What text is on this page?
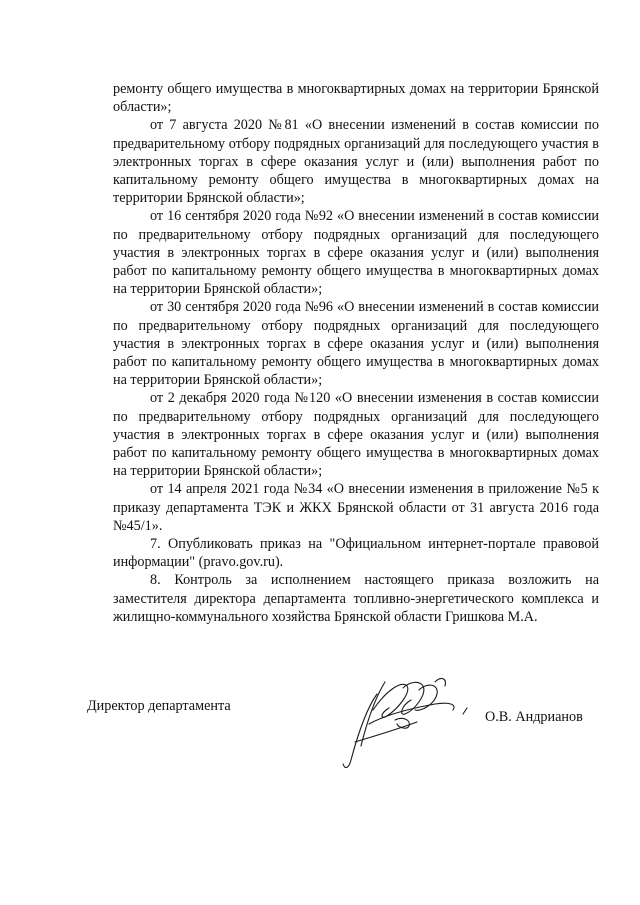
ремонту общего имущества в многоквартирных домах на территории Брянской области»;

от 7 августа 2020 №81 «О внесении изменений в состав комиссии по предварительному отбору подрядных организаций для последующего участия в электронных торгах в сфере оказания услуг и (или) выполнения работ по капитальному ремонту общего имущества в многоквартирных домах на территории Брянской области»;

от 16 сентября 2020 года №92 «О внесении изменений в состав комиссии по предварительному отбору подрядных организаций для последующего участия в электронных торгах в сфере оказания услуг и (или) выполнения работ по капитальному ремонту общего имущества в многоквартирных домах на территории Брянской области»;

от 30 сентября 2020 года №96 «О внесении изменений в состав комиссии по предварительному отбору подрядных организаций для последующего участия в электронных торгах в сфере оказания услуг и (или) выполнения работ по капитальному ремонту общего имущества в многоквартирных домах на территории Брянской области»;

от 2 декабря 2020 года №120 «О внесении изменения в состав комиссии по предварительному отбору подрядных организаций для последующего участия в электронных торгах в сфере оказания услуг и (или) выполнения работ по капитальному ремонту общего имущества в многоквартирных домах на территории Брянской области»;

от 14 апреля 2021 года №34 «О внесении изменения в приложение №5 к приказу департамента ТЭК и ЖКХ Брянской области от 31 августа 2016 года №45/1».

7. Опубликовать приказ на "Официальном интернет-портале правовой информации" (pravo.gov.ru).

8. Контроль за исполнением настоящего приказа возложить на заместителя директора департамента топливно-энергетического комплекса и жилищно-коммунального хозяйства Брянской области Гришкова М.А.

Директор департамента
О.В. Андрианов
